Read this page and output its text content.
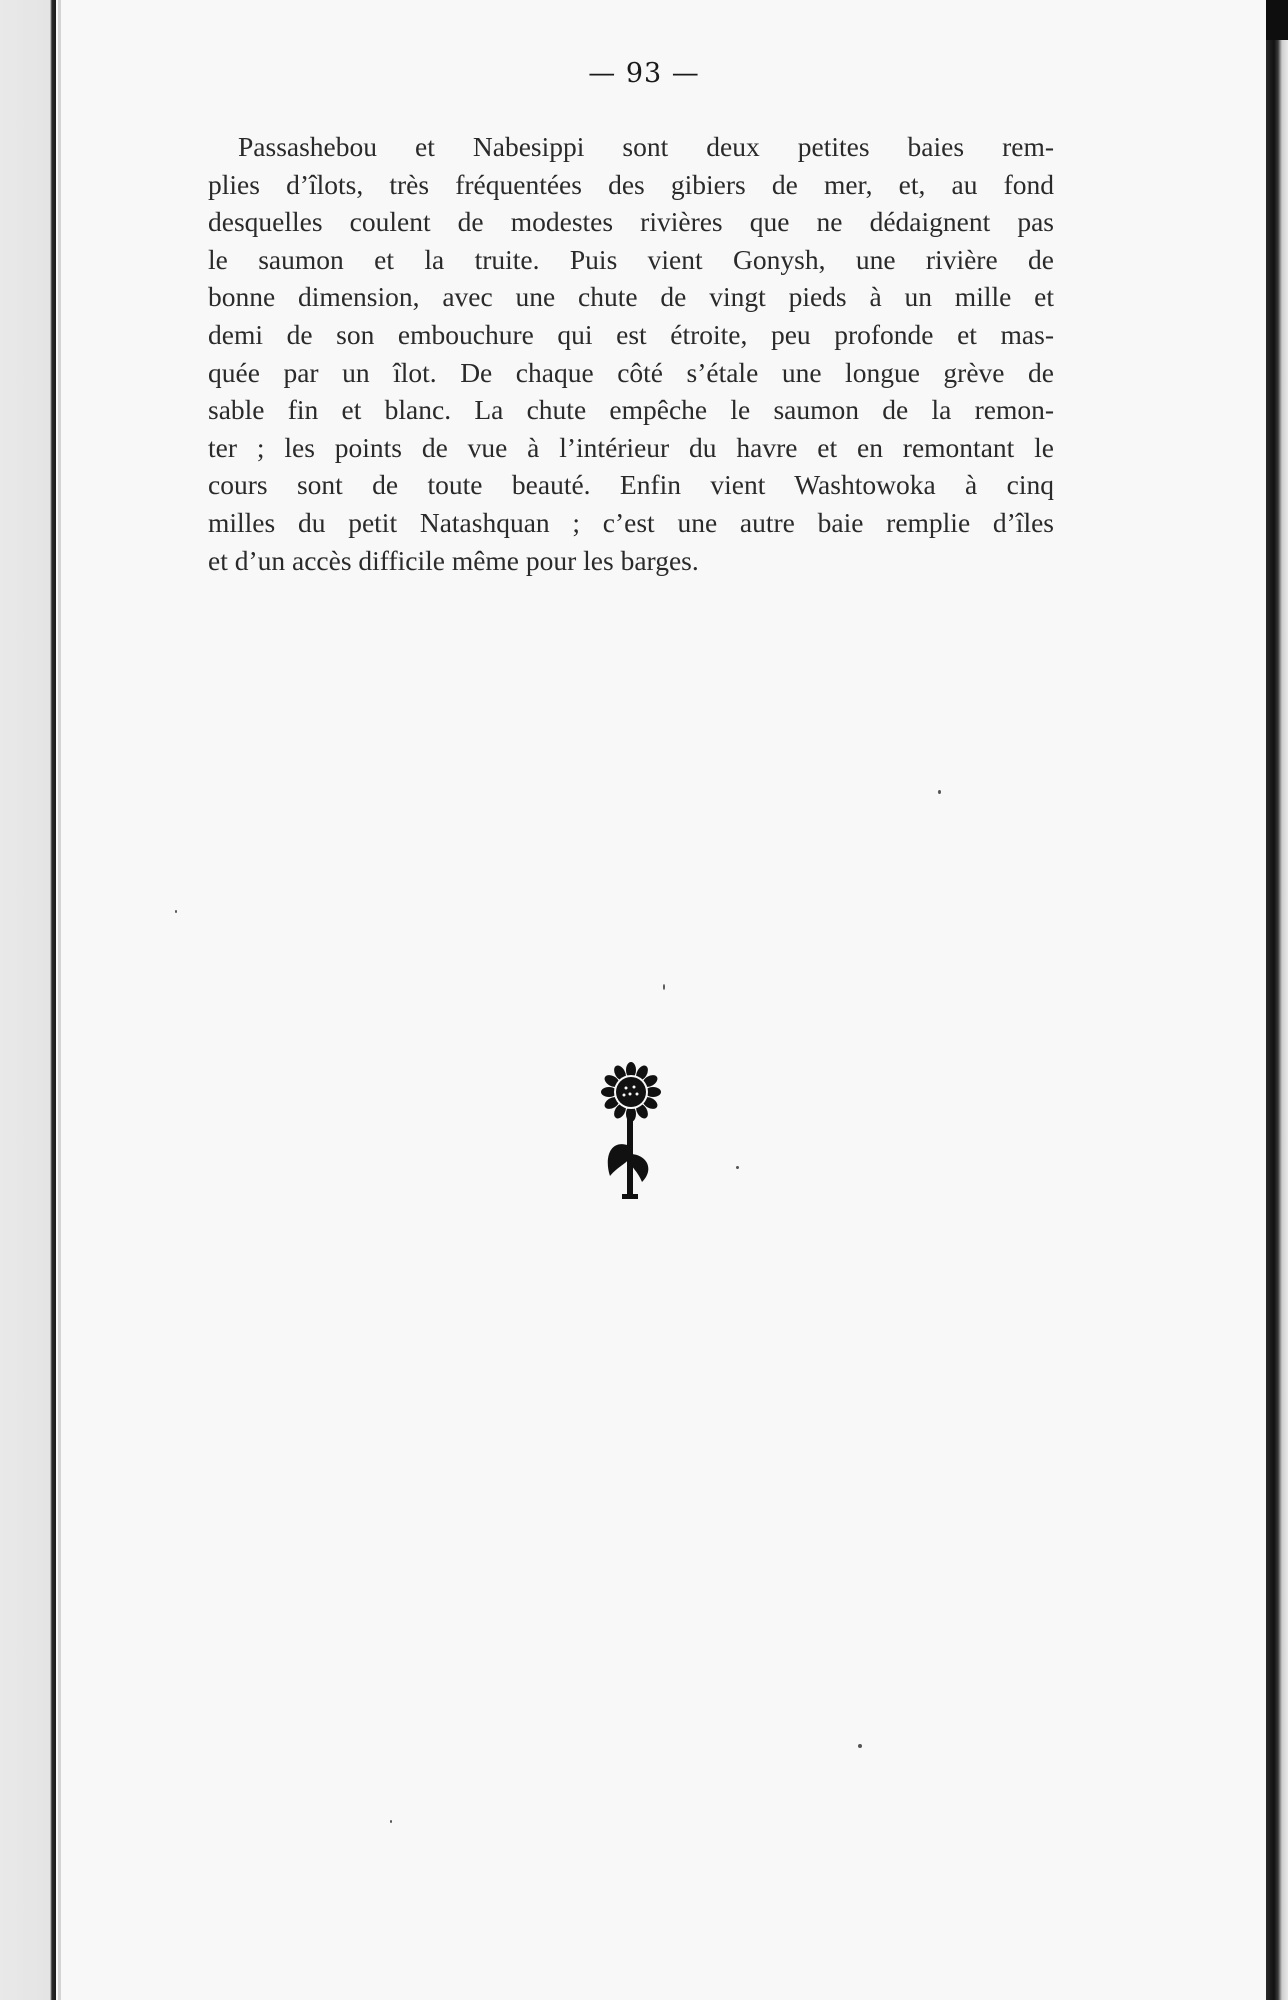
— 93 —
Passashebou et Nabesippi sont deux petites baies rem-
plies d’îlots, très fréquentées des gibiers de mer, et, au fond
desquelles coulent de modestes rivières que ne dédaignent pas
le saumon et la truite. Puis vient Gonysh, une rivière de
bonne dimension, avec une chute de vingt pieds à un mille et
demi de son embouchure qui est étroite, peu profonde et mas-
quée par un îlot. De chaque côté s’étale une longue grève de
sable fin et blanc. La chute empêche le saumon de la remon-
ter ; les points de vue à l’intérieur du havre et en remontant le
cours sont de toute beauté. Enfin vient Washtowoka à cinq
milles du petit Natashquan ; c’est une autre baie remplie d’îles
et d’un accès difficile même pour les barges.
